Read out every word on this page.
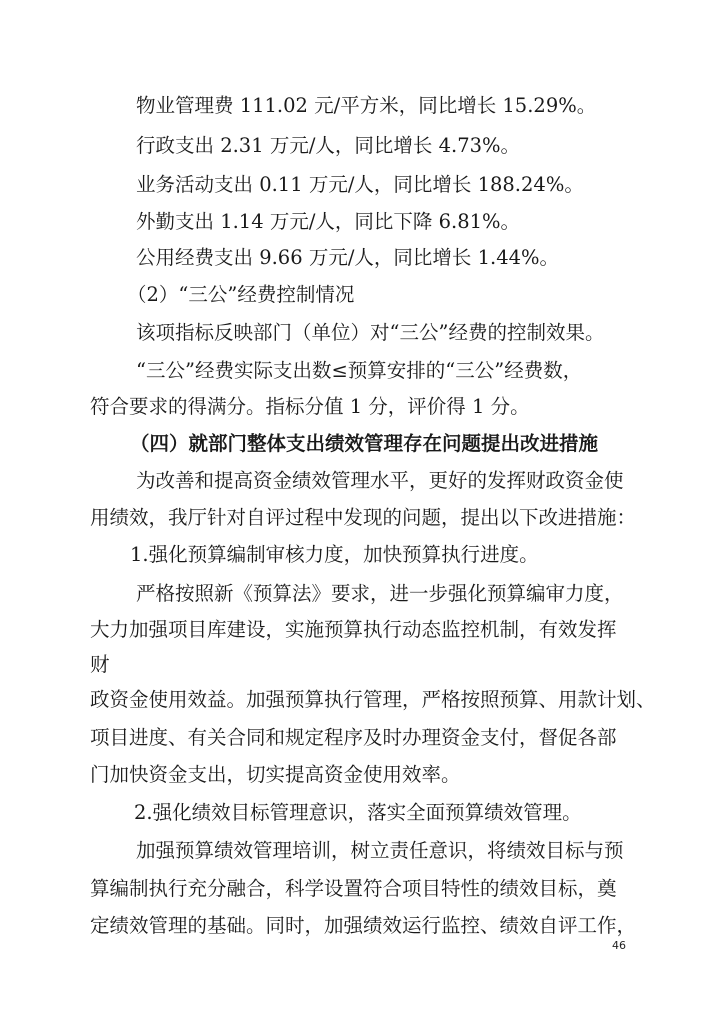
物业管理费 111.02 元/平方米，同比增长 15.29%。
行政支出 2.31 万元/人，同比增长 4.73%。
业务活动支出 0.11 万元/人，同比增长 188.24%。
外勤支出 1.14 万元/人，同比下降 6.81%。
公用经费支出 9.66 万元/人，同比增长 1.44%。
（2）“三公”经费控制情况
该项指标反映部门（单位）对“三公”经费的控制效果。
“三公”经费实际支出数≤预算安排的“三公”经费数，
符合要求的得满分。指标分值 1 分，评价得 1 分。
（四）就部门整体支出绩效管理存在问题提出改进措施
为改善和提高资金绩效管理水平，更好的发挥财政资金使
用绩效，我厅针对自评过程中发现的问题，提出以下改进措施：
1.强化预算编制审核力度，加快预算执行进度。
严格按照新《预算法》要求，进一步强化预算编审力度，
大力加强项目库建设，实施预算执行动态监控机制，有效发挥
财
政资金使用效益。加强预算执行管理，严格按照预算、用款计划、
项目进度、有关合同和规定程序及时办理资金支付，督促各部
门加快资金支出，切实提高资金使用效率。
2.强化绩效目标管理意识，落实全面预算绩效管理。
加强预算绩效管理培训，树立责任意识，将绩效目标与预
算编制执行充分融合，科学设置符合项目特性的绩效目标，奠
定绩效管理的基础。同时，加强绩效运行监控、绩效自评工作，
46
